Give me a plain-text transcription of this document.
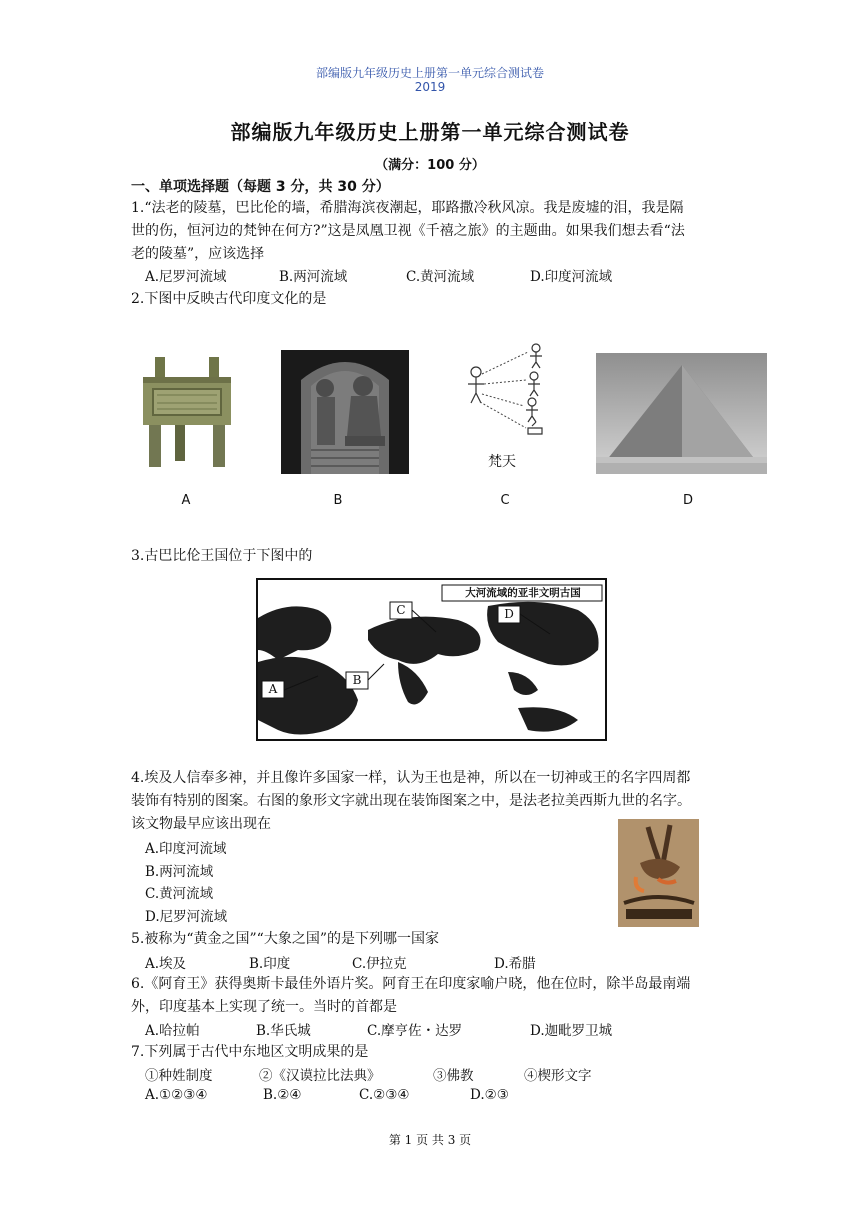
部编版九年级历史上册第一单元综合测试卷
2019
部编版九年级历史上册第一单元综合测试卷
（满分：100 分）
一、单项选择题（每题 3 分，共 30 分）
1.“法老的陵墓，巴比伦的墙，希腊海滨夜潮起，耶路撒冷秋风凉。我是废墟的泪，我是隔
世的伤，恒河边的梵钟在何方?”这是凤凰卫视《千禧之旅》的主题曲。如果我们想去看“法
老的陵墓”，应该选择
A.尼罗河流域	B.两河流域	C.黄河流域	D.印度河流域
2.下图中反映古代印度文化的是
梵天
A	B	C	D
3.古巴比伦王国位于下图中的
大河流域的亚非文明古国
A
B
C	D
4.埃及人信奉多神，并且像许多国家一样，认为王也是神，所以在一切神或王的名字四周都
装饰有特别的图案。右图的象形文字就出现在装饰图案之中，是法老拉美西斯九世的名字。
该文物最早应该出现在
A.印度河流域
B.两河流域
C.黄河流域
D.尼罗河流域
5.被称为“黄金之国”“大象之国”的是下列哪一国家
A.埃及	B.印度	C.伊拉克	D.希腊
6.《阿育王》获得奥斯卡最佳外语片奖。阿育王在印度家喻户晓，他在位时，除半岛最南端
外，印度基本上实现了统一。当时的首都是
A.哈拉帕	B.华氏城	C.摩亨佐・达罗	D.迦毗罗卫城
7.下列属于古代中东地区文明成果的是
①种姓制度	②《汉谟拉比法典》	③佛教	④楔形文字
A.①②③④	B.②④	C.②③④	D.②③
第 1 页 共 3 页
